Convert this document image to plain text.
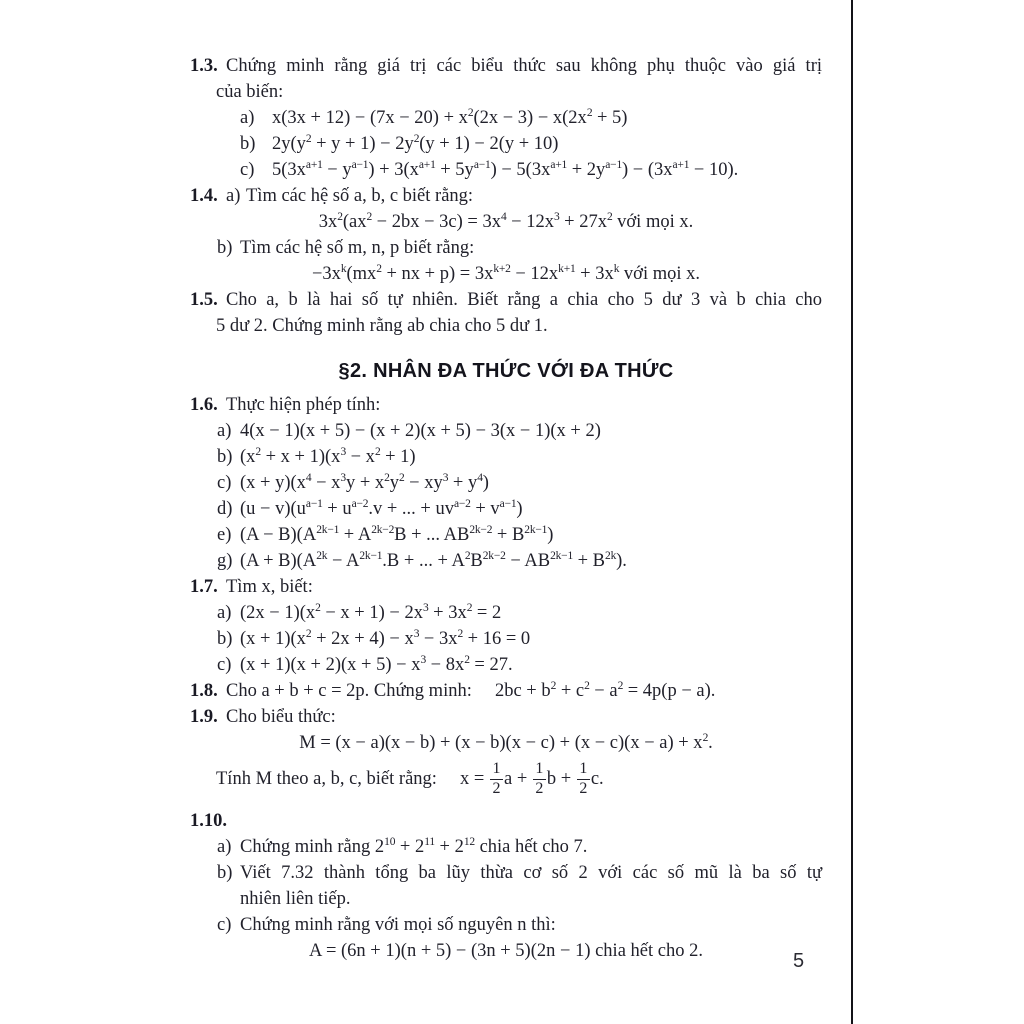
1.3. Chứng minh rằng giá trị các biểu thức sau không phụ thuộc vào giá trị
của biến:
a) $x(3x + 12) - (7x - 20) + x^2(2x - 3) - x(2x^2 + 5)$
b) $2y(y^2 + y + 1) - 2y^2(y + 1) - 2(y + 10)$
c) $5(3x^{a+1} - y^{a-1}) + 3(x^{a+1} + 5y^{a-1}) - 5(3x^{a+1} + 2y^{a-1}) - (3x^{a+1} - 10)$.
1.4. a) Tìm các hệ số a, b, c biết rằng:
$3x^2(ax^2 - 2bx - 3c) = 3x^4 - 12x^3 + 27x^2$ với mọi x.
b) Tìm các hệ số m, n, p biết rằng:
$-3x^k(mx^2$ + nx + $p) = 3x^{k+2} - 12x^{k+1} + 3x^k$ với mọi x.
1.5. Cho a, b là hai số tự nhiên. Biết rằng a chia cho 5 dư 3 và b chia cho
5 dư 2. Chứng minh rằng ab chia cho 5 dư 1.
§2. NHÂN ĐA THỨC VỚI ĐA THỨC
1.6. Thực hiện phép tính:
a) 4(x − 1)(x + 5) − (x + 2)(x + 5) − 3(x − 1)(x + 2)
b) $(x^2 + x + 1)(x^3 - x^2 + 1)$
c) $(x + y)(x^4 - x^3y + x^2y^2 - xy^3 + y^4)$
d) $(u - v)(u^{a-1} + u^{a-2}.v$ + ... + $uv^{a-2} + v^{a-1}$)
e) $(A - B)(A^{2k-1} + A^{2k-2}B$ + ... $AB^{2k-2} + B^{2k-1}$)
g) $(A + B)(A^{2k} - A^{2k-1}.B$ + ... + $A^2B^{2k-2} - AB^{2k-1} + B^{2k}$).
1.7. Tìm x, biết:
a) $(2x - 1)(x^2 - x + 1) - 2x^3 + 3x^2 = 2$
b) $(x + 1)(x^2 + 2x + 4) - x^3 - 3x^2 + 16 = 0$
c) $(x + 1)(x + 2)(x + 5) - x^3 - 8x^2 = 27$.
1.8. Cho a + b + c = 2p. Chứng minh:  $2bc + b^2 + c^2 - a^2 = 4p(p - a)$.
1.9. Cho biểu thức:
$M = (x - a)(x - b) + (x - b)(x - c) + (x - c)(x - a) + x^2$.
Tính M theo a, b, c, biết rằng:  $x = \frac{1}{2}$ $a + \frac{1}{2}$ $b + \frac{1}{2} c$.
1.10.
a) Chứng minh rằng $2^{10} + 2^{11} + 2^{12}$ chia hết cho 7.
b) Viết 7.32 thành tổng ba lũy thừa cơ số 2 với các số mũ là ba số tự
nhiên liên tiếp.
c) Chứng minh rằng với mọi số nguyên n thì:
A = (6n + 1)(n + 5) − (3n + 5)(2n − 1) chia hết cho 2.	5
